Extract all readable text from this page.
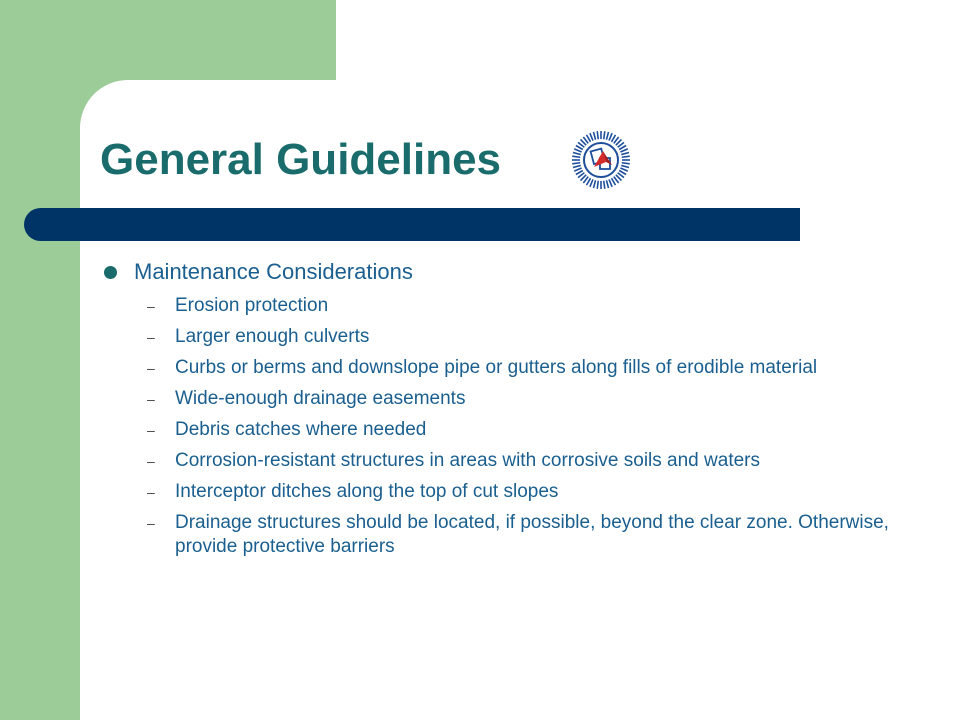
General Guidelines
Maintenance Considerations
– Erosion protection
– Larger enough culverts
– Curbs or berms and downslope pipe or gutters along fills of erodible material
– Wide-enough drainage easements
– Debris catches where needed
– Corrosion-resistant structures in areas with corrosive soils and waters
– Interceptor ditches along the top of cut slopes
– Drainage structures should be located, if possible, beyond the clear zone. Otherwise, provide protective barriers
